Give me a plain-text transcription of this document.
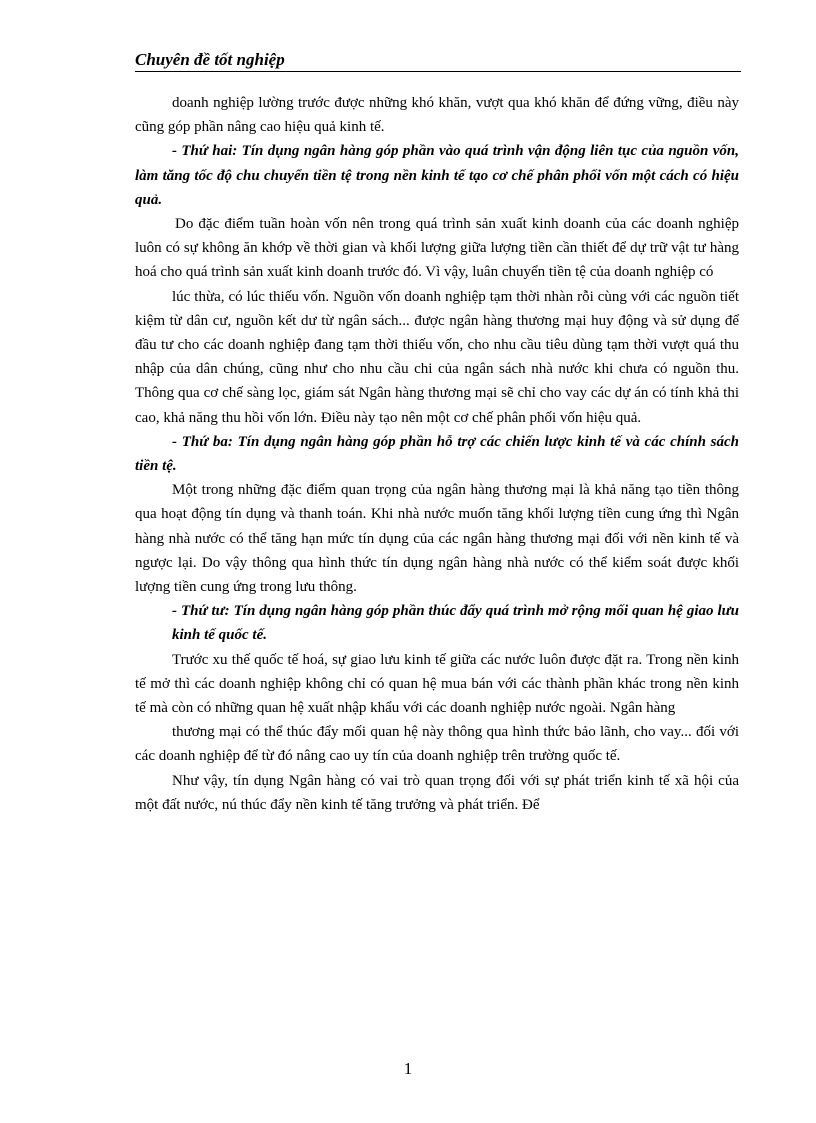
Chuyên đề tốt nghiệp

doanh nghiệp lường trước được những khó khăn, vượt qua khó khăn để đứng vững, điều này cũng góp phần nâng cao hiệu quả kinh tế.

- Thứ hai: Tín dụng ngân hàng góp phần vào quá trình vận động liên tục của nguồn vốn, làm tăng tốc độ chu chuyển tiền tệ trong nền kinh tế tạo cơ chế phân phối vốn một cách có hiệu quả.

Do đặc điểm tuần hoàn vốn nên trong quá trình sản xuất kinh doanh của các doanh nghiệp luôn có sự không ăn khớp về thời gian và khối lượng giữa lượng tiền cần thiết để dự trữ vật tư hàng hoá cho quá trình sản xuất kinh doanh trước đó. Vì vậy, luân chuyển tiền tệ của doanh nghiệp có

lúc thừa, có lúc thiếu vốn. Nguồn vốn doanh nghiệp tạm thời nhàn rỗi cùng với các nguồn tiết kiệm từ dân cư, nguồn kết dư từ ngân sách... được ngân hàng thương mại huy động và sử dụng để đầu tư cho các doanh nghiệp đang tạm thời thiếu vốn, cho nhu cầu tiêu dùng tạm thời vượt quá thu nhập của dân chúng, cũng như cho nhu cầu chi của ngân sách nhà nước khi chưa có nguồn thu. Thông qua cơ chế sàng lọc, giám sát Ngân hàng thương mại sẽ chỉ cho vay các dự án có tính khả thi cao, khả năng thu hồi vốn lớn. Điều này tạo nên một cơ chế phân phối vốn hiệu quả.

- Thứ ba: Tín dụng ngân hàng góp phần hỗ trợ các chiến lược kinh tế và các chính sách tiền tệ.

Một trong những đặc điểm quan trọng của ngân hàng thương mại là khả năng tạo tiền thông qua hoạt động tín dụng và thanh toán. Khi nhà nước muốn tăng khối lượng tiền cung ứng thì Ngân hàng nhà nước có thể tăng hạn mức tín dụng của các ngân hàng thương mại đối với nền kinh tế và ngược lại. Do vậy thông qua hình thức tín dụng ngân hàng nhà nước có thể kiểm soát được khối lượng tiền cung ứng trong lưu thông.

- Thứ tư: Tín dụng ngân hàng góp phần thúc đẩy quá trình mở rộng mối quan hệ giao lưu kinh tế quốc tế.

Trước xu thế quốc tế hoá, sự giao lưu kinh tế giữa các nước luôn được đặt ra. Trong nền kinh tế mở thì các doanh nghiệp không chỉ có quan hệ mua bán với các thành phần khác trong nền kinh tế mà còn có những quan hệ xuất nhập khẩu với các doanh nghiệp nước ngoài. Ngân hàng

thương mại có thể thúc đẩy mối quan hệ này thông qua hình thức bảo lãnh, cho vay... đối với các doanh nghiệp để từ đó nâng cao uy tín của doanh nghiệp trên trường quốc tế.

Như vậy, tín dụng Ngân hàng có vai trò quan trọng đối với sự phát triển kinh tế xã hội của một đất nước, nú thúc đẩy nền kinh tế tăng trưởng và phát triển. Để

1
